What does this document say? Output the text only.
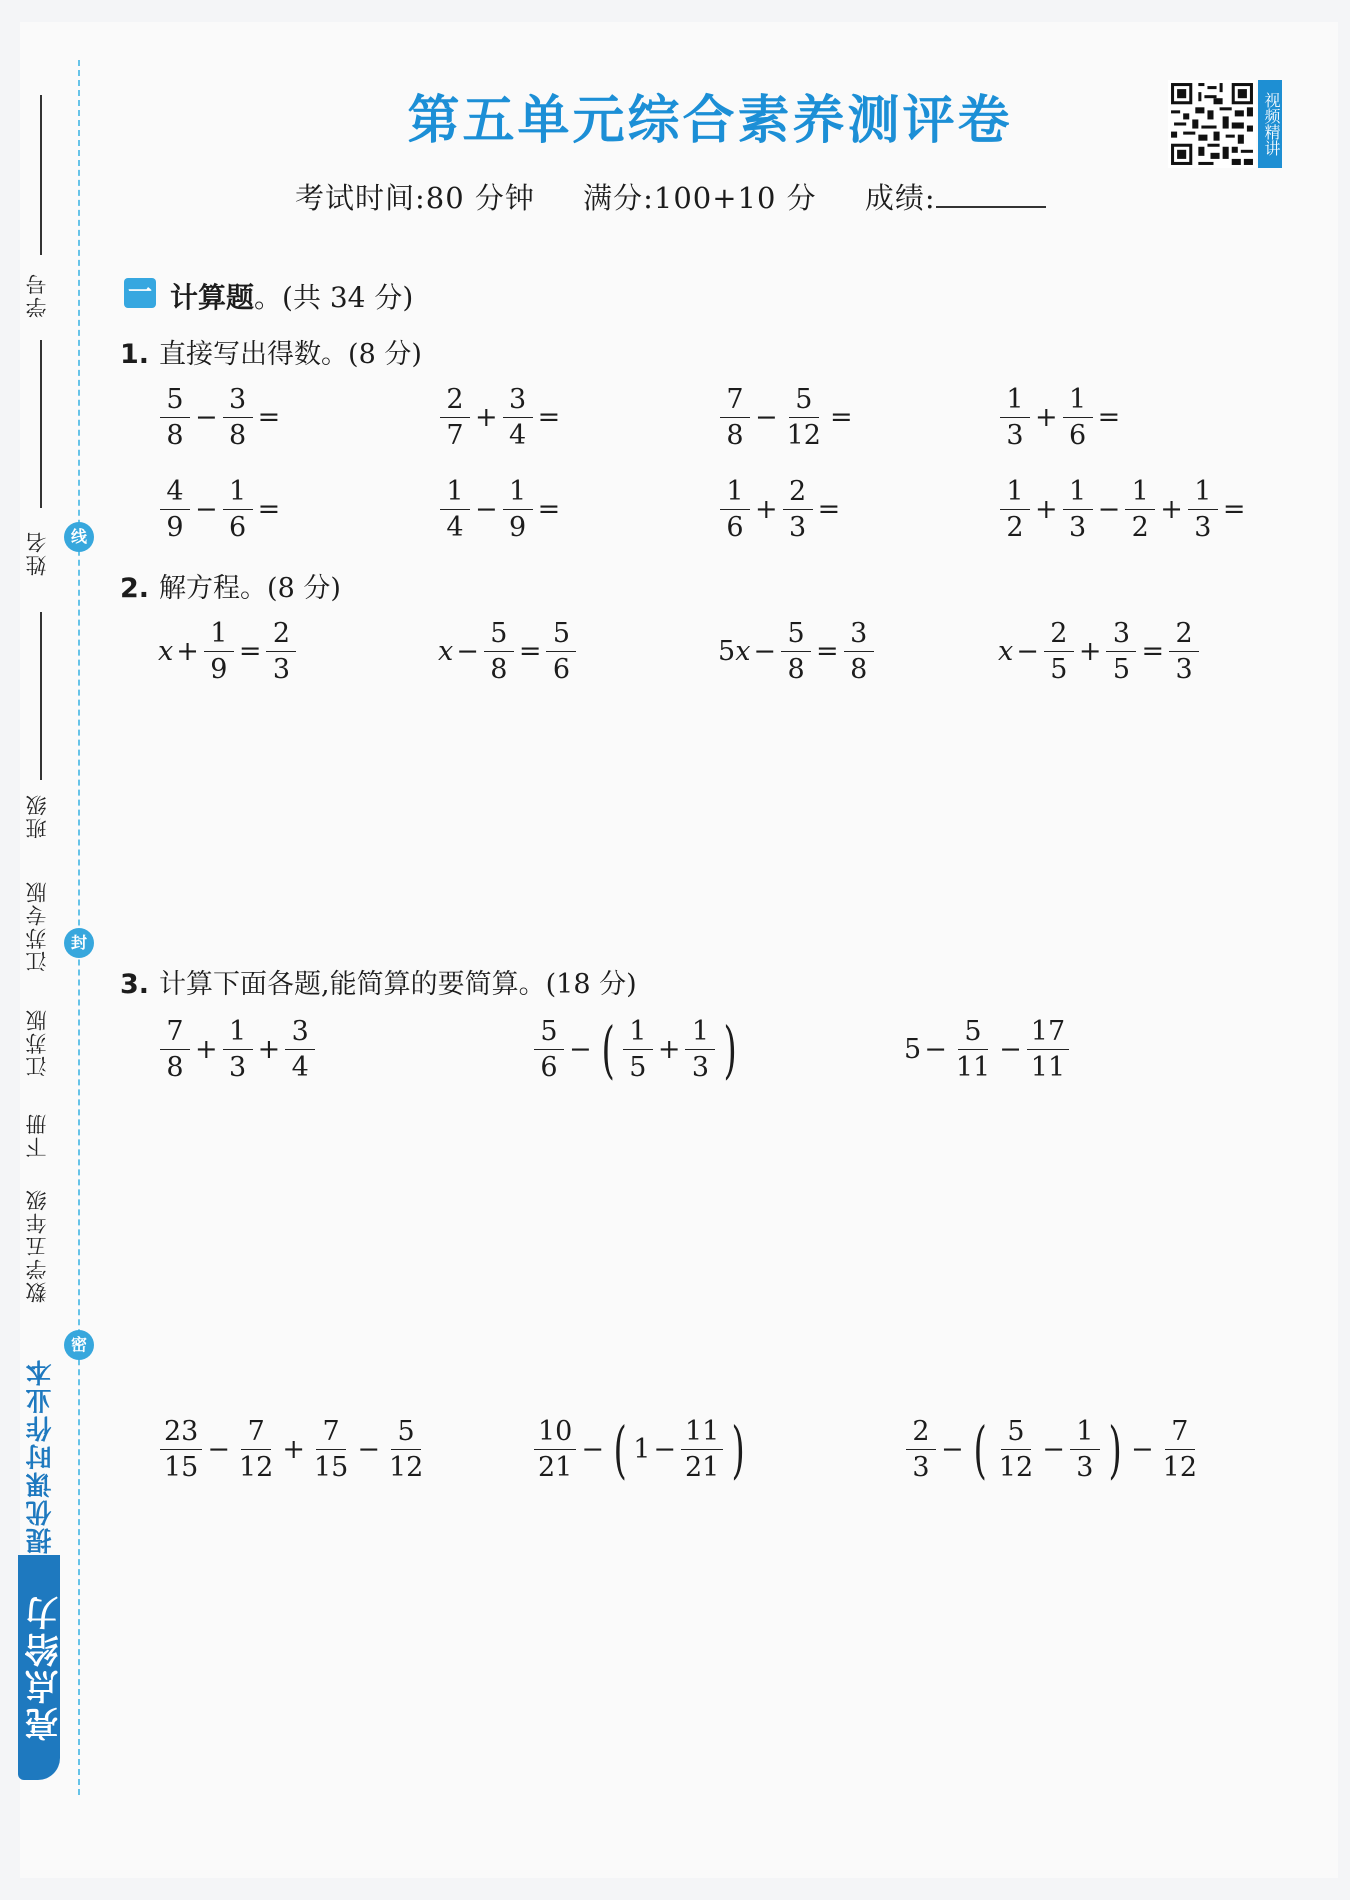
学号
姓名	线
班级
江苏专版	封
江苏版
下册
数学五年级
密
提优课时作业本
亮点给力
第五单元综合素养测评卷	视频精讲
考试时间:80 分钟 满分:100+10 分 成绩:
一 计算题。(共 34 分)
1. 直接写出得数。(8 分)
$\frac{5}{8} - \frac{3}{8}$ =	$\frac{2}{7} + \frac{3}{4}$ =	$\frac{7}{8} - \frac{5}{12}$ =	$\frac{1}{3} + \frac{1}{6}$ =
$\frac{4}{9} - \frac{1}{6}$ =	$\frac{1}{4} - \frac{1}{9}$ =	$\frac{1}{6} + \frac{2}{3}$ =	$\frac{1}{2} + \frac{1}{3} - \frac{1}{2} + \frac{1}{3}$ =
2. 解方程。(8 分)
$x + \frac{1}{9} = \frac{2}{3}$	$x - \frac{5}{8} = \frac{5}{6}$	5 $x - \frac{5}{8} = \frac{3}{8}$	$x - \frac{2}{5} + \frac{3}{5} = \frac{2}{3}$
3. 计算下面各题,能简算的要简算。(18 分)
$\frac{7}{8} + \frac{1}{3} + \frac{3}{4}$	$\frac{5}{6}$ − ( $\frac{1}{5} + \frac{1}{3}$ )	$5 - \frac{5}{11} - \frac{17}{11}$
$\frac{23}{15} - \frac{7}{12} + \frac{7}{15} - \frac{5}{12}$	$\frac{10}{21}$ − ( $1 - \frac{11}{21}$ )	$\frac{2}{3}$ − ( $\frac{5}{12} - \frac{1}{3}$ ) − $\frac{7}{12}$
